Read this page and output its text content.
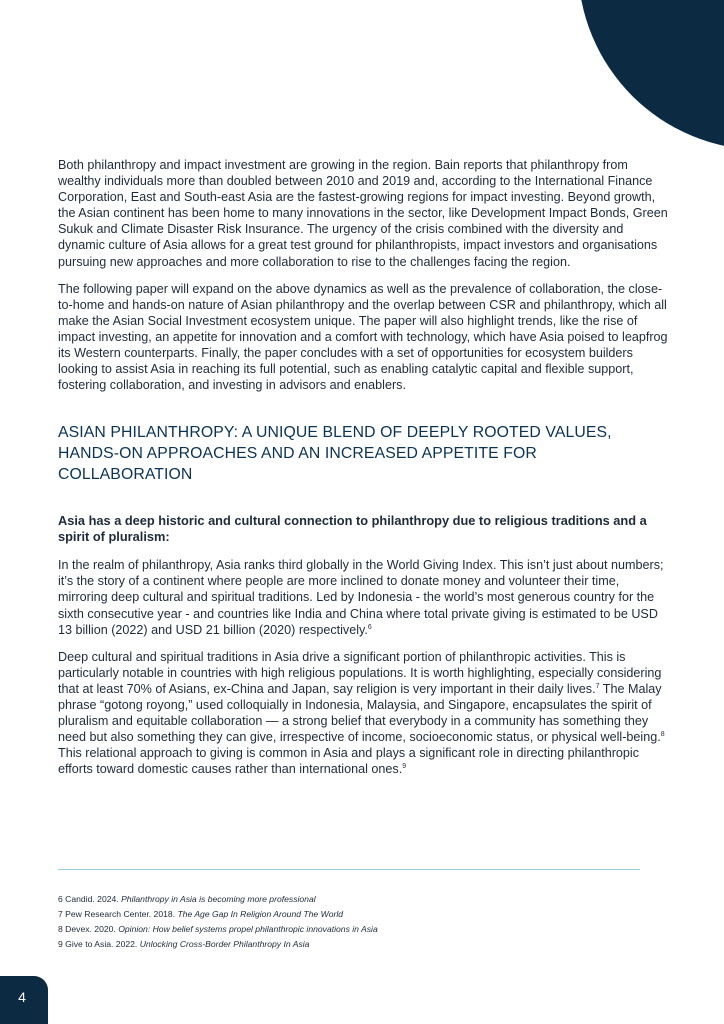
Both philanthropy and impact investment are growing in the region. Bain reports that philanthropy from wealthy individuals more than doubled between 2010 and 2019 and, according to the International Finance Corporation, East and South-east Asia are the fastest-growing regions for impact investing. Beyond growth, the Asian continent has been home to many innovations in the sector, like Development Impact Bonds, Green Sukuk and Climate Disaster Risk Insurance. The urgency of the crisis combined with the diversity and dynamic culture of Asia allows for a great test ground for philanthropists, impact investors and organisations pursuing new approaches and more collaboration to rise to the challenges facing the region.

The following paper will expand on the above dynamics as well as the prevalence of collaboration, the close-to-home and hands-on nature of Asian philanthropy and the overlap between CSR and philanthropy, which all make the Asian Social Investment ecosystem unique. The paper will also highlight trends, like the rise of impact investing, an appetite for innovation and a comfort with technology, which have Asia poised to leapfrog its Western counterparts. Finally, the paper concludes with a set of opportunities for ecosystem builders looking to assist Asia in reaching its full potential, such as enabling catalytic capital and flexible support, fostering collaboration, and investing in advisors and enablers.

ASIAN PHILANTHROPY: A UNIQUE BLEND OF DEEPLY ROOTED VALUES, HANDS-ON APPROACHES AND AN INCREASED APPETITE FOR COLLABORATION

Asia has a deep historic and cultural connection to philanthropy due to religious traditions and a spirit of pluralism:

In the realm of philanthropy, Asia ranks third globally in the World Giving Index. This isn’t just about numbers; it’s the story of a continent where people are more inclined to donate money and volunteer their time, mirroring deep cultural and spiritual traditions. Led by Indonesia - the world’s most generous country for the sixth consecutive year - and countries like India and China where total private giving is estimated to be USD 13 billion (2022) and USD 21 billion (2020) respectively.$^6$

Deep cultural and spiritual traditions in Asia drive a significant portion of philanthropic activities. This is particularly notable in countries with high religious populations. It is worth highlighting, especially considering that at least 70% of Asians, ex-China and Japan, say religion is very important in their daily lives.$^7$ The Malay phrase “gotong royong,” used colloquially in Indonesia, Malaysia, and Singapore, encapsulates the spirit of pluralism and equitable collaboration — a strong belief that everybody in a community has something they need but also something they can give, irrespective of income, socioeconomic status, or physical well-being.$^8$ This relational approach to giving is common in Asia and plays a significant role in directing philanthropic efforts toward domestic causes rather than international ones.$^9$

6 Candid. 2024. Philanthropy in Asia is becoming more professional
7 Pew Research Center. 2018. The Age Gap In Religion Around The World
8 Devex. 2020. Opinion: How belief systems propel philanthropic innovations in Asia
9 Give to Asia. 2022. Unlocking Cross-Border Philanthropy In Asia
4
